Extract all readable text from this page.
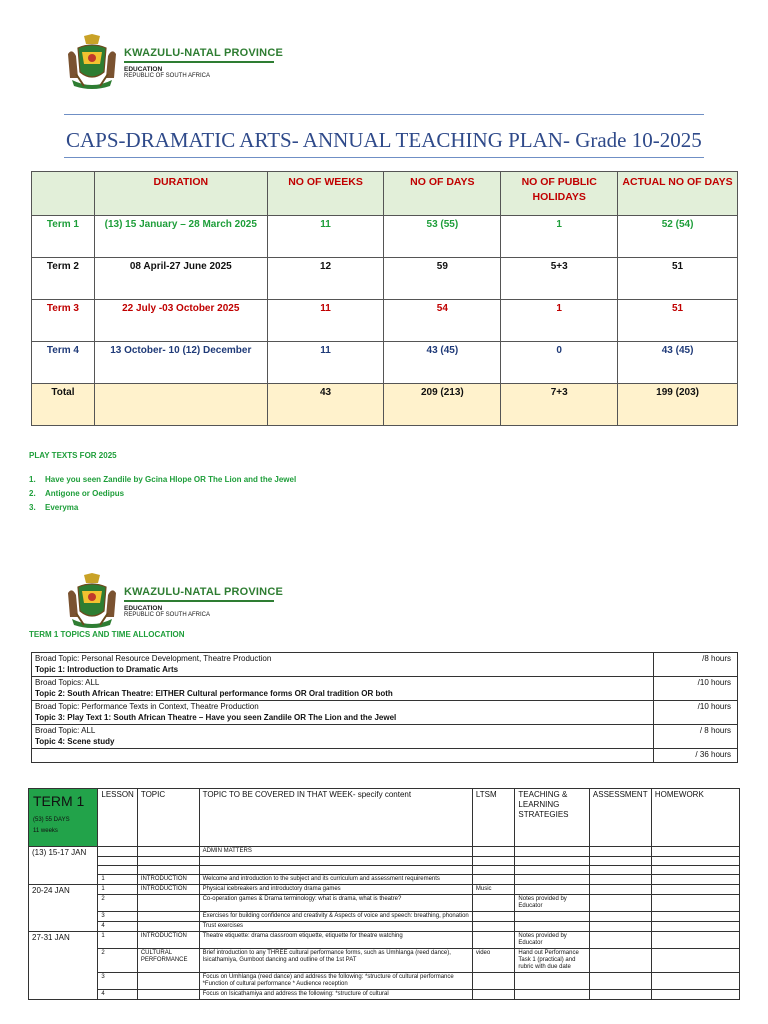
KWAZULU-NATAL PROVINCE
EDUCATION
REPUBLIC OF SOUTH AFRICA
CAPS-DRAMATIC ARTS- ANNUAL TEACHING PLAN- Grade 10-2025
	DURATION	NO OF WEEKS	NO OF DAYS	NO OF PUBLIC HOLIDAYS	ACTUAL NO OF DAYS
Term 1	(13) 15 January – 28 March 2025	11	53 (55)	1	52 (54)
Term 2	08 April-27 June 2025	12	59	5+3	51
Term 3	22 July -03 October 2025	11	54	1	51
Term 4	13 October- 10 (12) December	11	43 (45)	0	43 (45)
Total		43	209 (213)	7+3	199 (203)
PLAY TEXTS FOR 2025
1. Have you seen Zandile by Gcina Hlope OR The Lion and the Jewel
2. Antigone or Oedipus
3. Everyma
KWAZULU-NATAL PROVINCE
EDUCATION
REPUBLIC OF SOUTH AFRICA
TERM 1 TOPICS AND TIME ALLOCATION
Broad Topic: Personal Resource Development, Theatre Production
Topic 1: Introduction to Dramatic Arts	/8 hours

Broad Topics: ALL
Topic 2: South African Theatre: EITHER Cultural performance forms OR Oral tradition OR both	/10 hours

Broad Topic: Performance Texts in Context, Theatre Production
Topic 3: Play Text 1: South African Theatre – Have you seen Zandile OR The Lion and the Jewel	/10 hours

Broad Topic: ALL
Topic 4: Scene study	/ 8 hours
	/ 36 hours
TERM 1
(53) 55 DAYS
11 weeks	LESSON	TOPIC	TOPIC TO BE COVERED IN THAT WEEK- specify content	LTSM	TEACHING & LEARNING STRATEGIES	ASSESSMENT	HOMEWORK
(13) 15-17 JAN			ADMIN MATTERS				

	1	INTRODUCTION	Welcome and introduction to the subject and its curriculum and assessment requirements				
20-24 JAN	1	INTRODUCTION	Physical icebreakers and introductory drama games	Music			
	2		Co-operation games & Drama terminology: what is drama, what is theatre?		Notes provided by Educator		
	3		Exercises for building confidence and creativity & Aspects of voice and speech: breathing, phonation				
	4		Trust exercises				
27-31 JAN	1	INTRODUCTION	Theatre etiquette: drama classroom etiquette, etiquette for theatre watching		Notes provided by Educator		
	2	CULTURAL PERFORMANCE	Brief introduction to any THREE cultural performance forms, such as Umhlanga (reed dance), Isicathamiya, Gumboot dancing and outline of the 1st PAT	video	Hand out Performance Task 1 (practical) and rubric with due date		
	3		Focus on Umhlanga (reed dance) and address the following: *structure of cultural performance *Function of cultural performance * Audience reception				
	4		Focus on Isicathamiya and address the following: *structure of cultural				
